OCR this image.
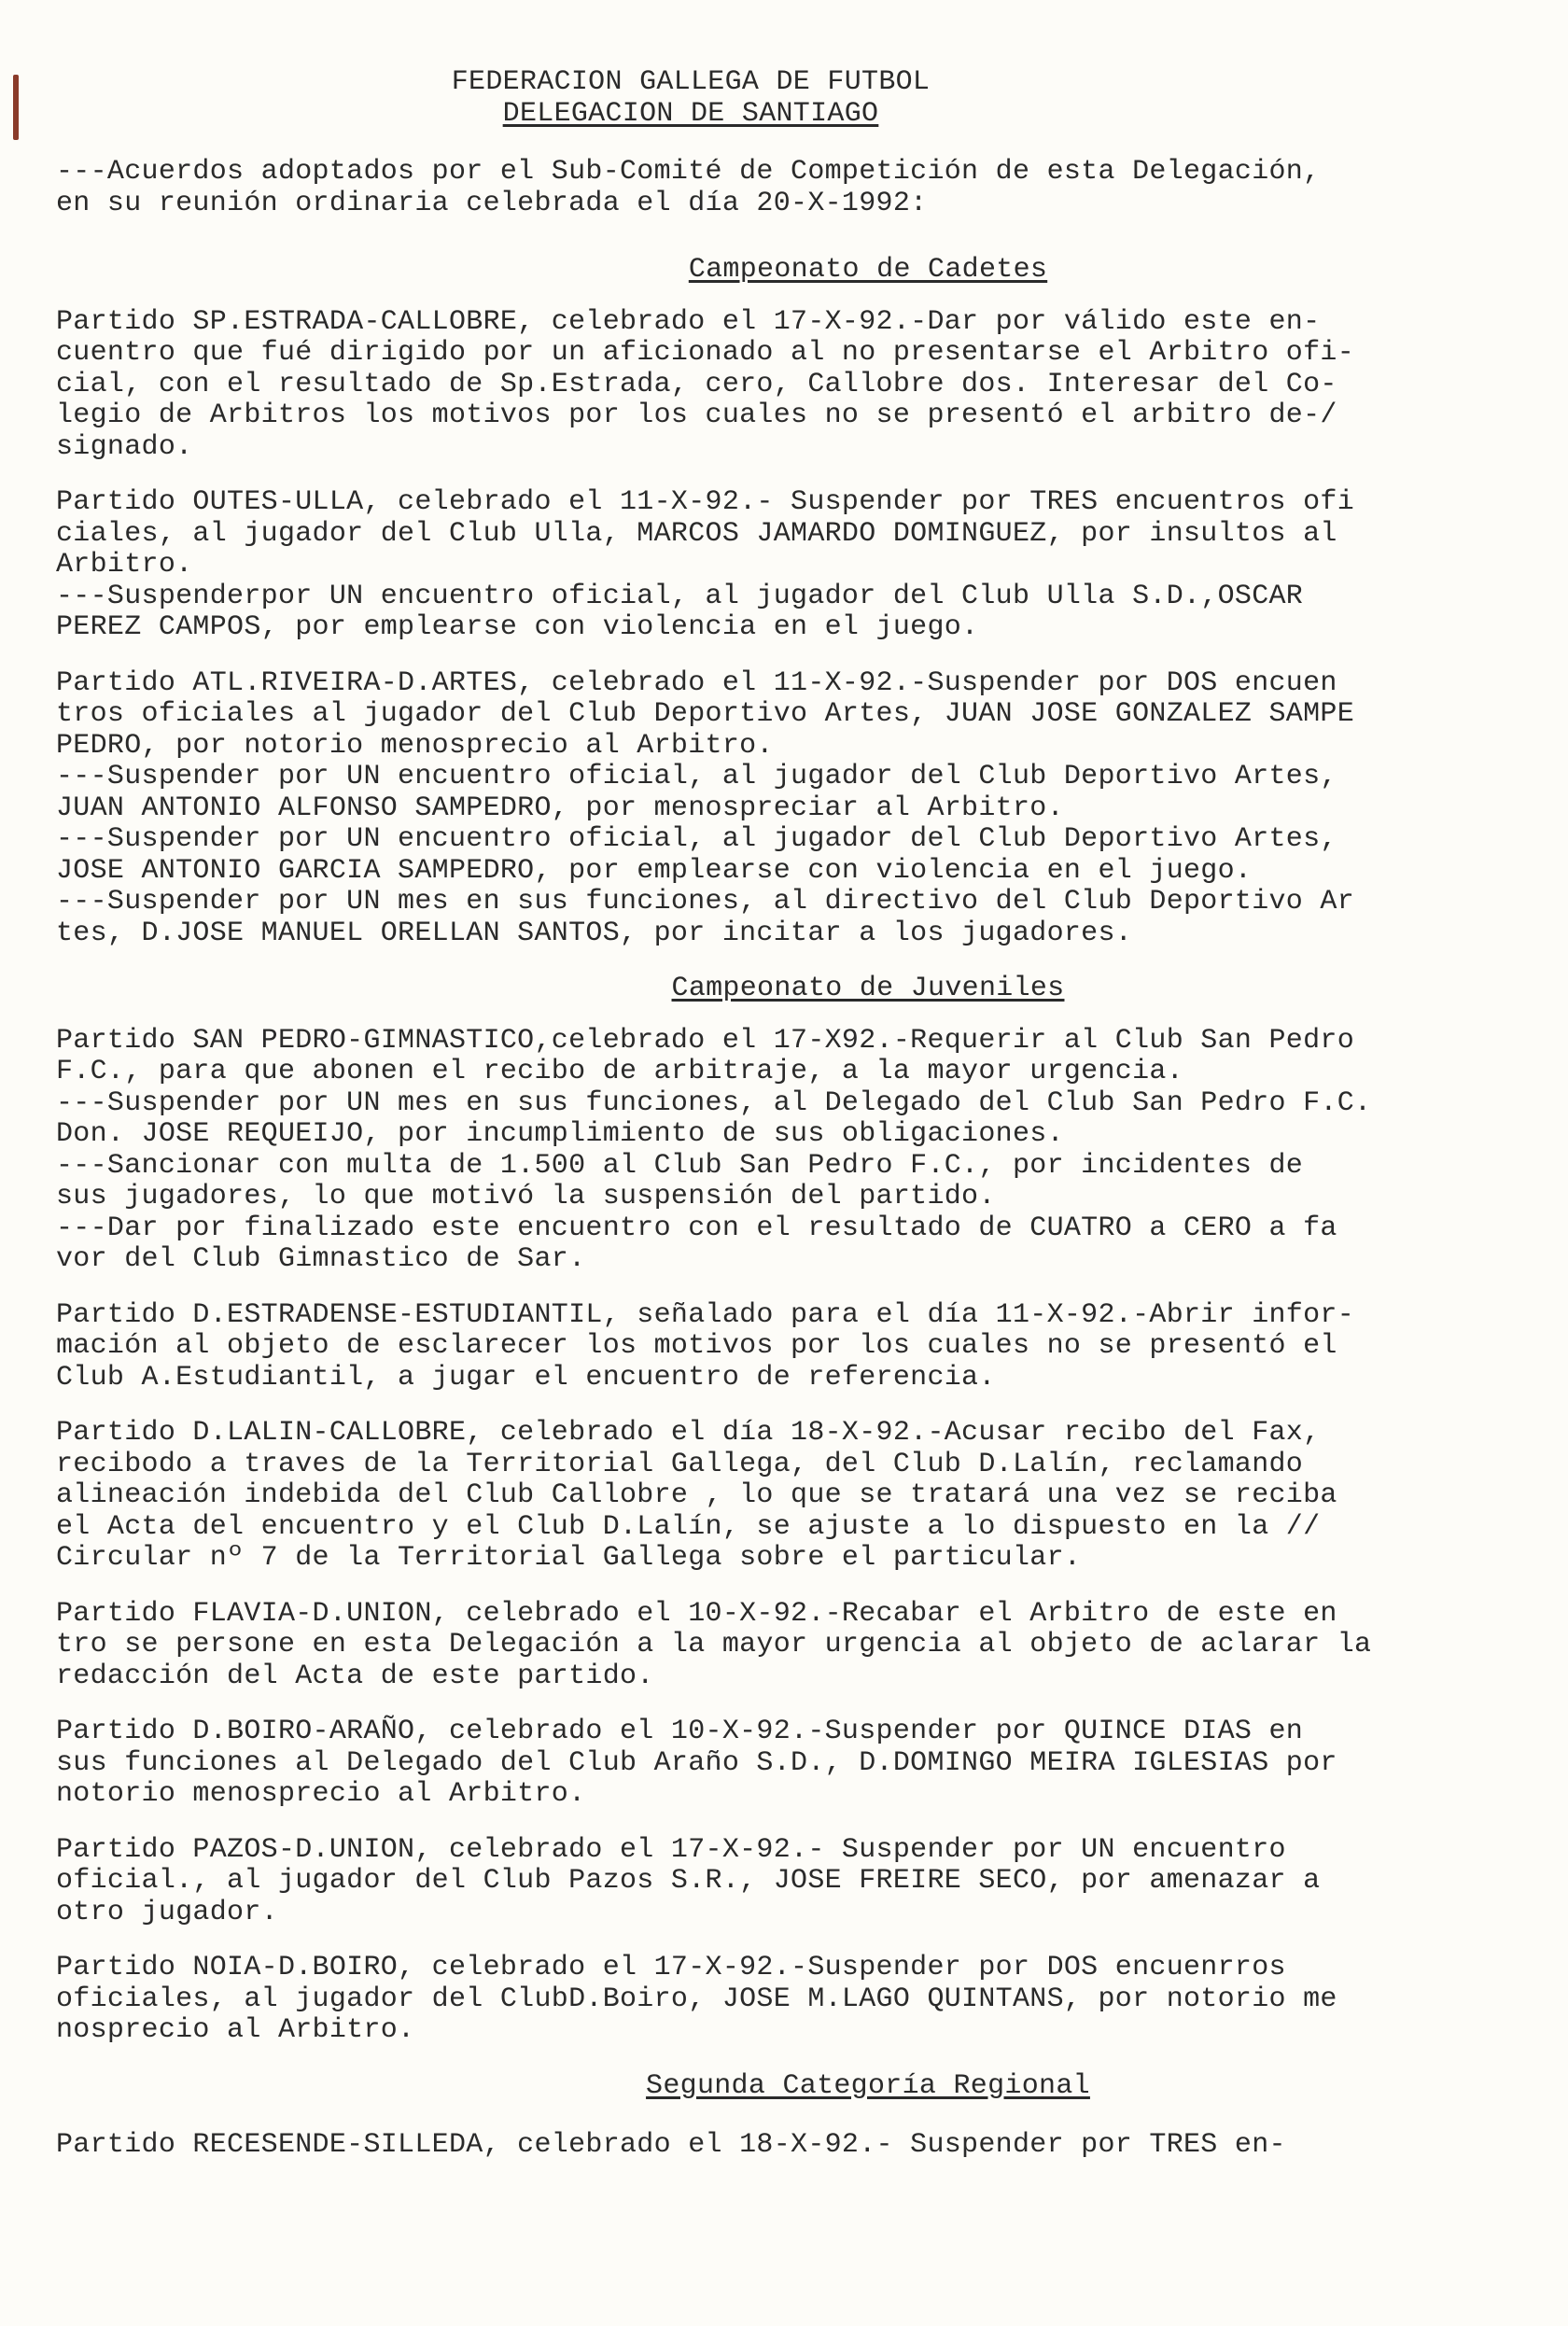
FEDERACION GALLEGA DE FUTBOL
DELEGACION DE SANTIAGO
---Acuerdos adoptados por el Sub-Comité de Competición de esta Delegación,
en su reunión ordinaria celebrada el día 20-X-1992:
Campeonato de Cadetes
Partido SP.ESTRADA-CALLOBRE, celebrado el 17-X-92.-Dar por válido este en-
cuentro que fué dirigido por un aficionado al no presentarse el Arbitro ofi-
cial, con el resultado de Sp.Estrada, cero, Callobre dos. Interesar del Co-
legio de Arbitros los motivos por los cuales no se presentó el arbitro de-/
signado.
Partido OUTES-ULLA, celebrado el 11-X-92.- Suspender por TRES encuentros ofi
ciales, al jugador del Club Ulla, MARCOS JAMARDO DOMINGUEZ, por insultos al
Arbitro.
---Suspenderpor UN encuentro oficial, al jugador del Club Ulla S.D.,OSCAR
PEREZ CAMPOS, por emplearse con violencia en el juego.
Partido ATL.RIVEIRA-D.ARTES, celebrado el 11-X-92.-Suspender por DOS encuen
tros oficiales al jugador del Club Deportivo Artes, JUAN JOSE GONZALEZ SAMPE
PEDRO, por notorio menosprecio al Arbitro.
---Suspender por UN encuentro oficial, al jugador del Club Deportivo Artes,
JUAN ANTONIO ALFONSO SAMPEDRO, por menospreciar al Arbitro.
---Suspender por UN encuentro oficial, al jugador del Club Deportivo Artes,
JOSE ANTONIO GARCIA SAMPEDRO, por emplearse con violencia en el juego.
---Suspender por UN mes en sus funciones, al directivo del Club Deportivo Ar
tes, D.JOSE MANUEL ORELLAN SANTOS, por incitar a los jugadores.
Campeonato de Juveniles
Partido SAN PEDRO-GIMNASTICO,celebrado el 17-X92.-Requerir al Club San Pedro
F.C., para que abonen el recibo de arbitraje, a la mayor urgencia.
---Suspender por UN mes en sus funciones, al Delegado del Club San Pedro F.C.
Don. JOSE REQUEIJO, por incumplimiento de sus obligaciones.
---Sancionar con multa de 1.500 al Club San Pedro F.C., por incidentes de
sus jugadores, lo que motivó la suspensión del partido.
---Dar por finalizado este encuentro con el resultado de CUATRO a CERO a fa
vor del Club Gimnastico de Sar.
Partido D.ESTRADENSE-ESTUDIANTIL, señalado para el día 11-X-92.-Abrir infor-
mación al objeto de esclarecer los motivos por los cuales no se presentó el
Club A.Estudiantil, a jugar el encuentro de referencia.
Partido D.LALIN-CALLOBRE, celebrado el día 18-X-92.-Acusar recibo del Fax,
recibodo a traves de la Territorial Gallega, del Club D.Lalín, reclamando
alineación indebida del Club Callobre , lo que se tratará una vez se reciba
el Acta del encuentro y el Club D.Lalín, se ajuste a lo dispuesto en la //
Circular nº 7 de la Territorial Gallega sobre el particular.
Partido FLAVIA-D.UNION, celebrado el 10-X-92.-Recabar el Arbitro de este en
tro se persone en esta Delegación a la mayor urgencia al objeto de aclarar la
redacción del Acta de este partido.
Partido D.BOIRO-ARAÑO, celebrado el 10-X-92.-Suspender por QUINCE DIAS en
sus funciones al Delegado del Club Araño S.D., D.DOMINGO MEIRA IGLESIAS por
notorio menosprecio al Arbitro.
Partido PAZOS-D.UNION, celebrado el 17-X-92.- Suspender por UN encuentro
oficial., al jugador del Club Pazos S.R., JOSE FREIRE SECO, por amenazar a
otro jugador.
Partido NOIA-D.BOIRO, celebrado el 17-X-92.-Suspender por DOS encuenrros
oficiales, al jugador del ClubD.Boiro, JOSE M.LAGO QUINTANS, por notorio me
nosprecio al Arbitro.
Segunda Categoría Regional
Partido RECESENDE-SILLEDA, celebrado el 18-X-92.- Suspender por TRES en-
